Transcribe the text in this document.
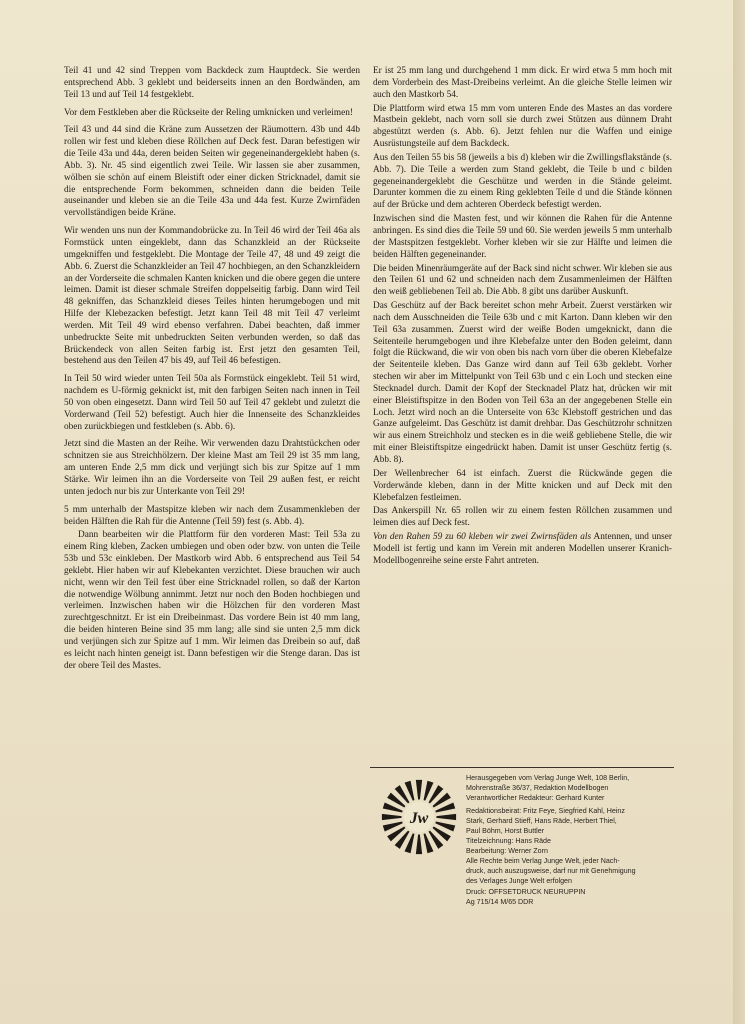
Teil 41 und 42 sind Treppen vom Backdeck zum Hauptdeck. Sie werden entsprechend Abb. 3 geklebt und beiderseits innen an den Bordwänden, am Teil 13 und auf Teil 14 festgeklebt.

Vor dem Festkleben aber die Rückseite der Reling umknicken und verleimen!

Teil 43 und 44 sind die Kräne zum Aussetzen der Räumottern. 43b und 44b rollen wir fest und kleben diese Röllchen auf Deck fest. Daran befestigen wir die Teile 43a und 44a, deren beiden Seiten wir gegeneinandergeklebt haben (s. Abb. 3). Nr. 45 sind eigentlich zwei Teile. Wir lassen sie aber zusammen, wölben sie schön auf einem Bleistift oder einer dicken Stricknadel, damit sie die entsprechende Form bekommen, schneiden dann die beiden Teile auseinander und kleben sie an die Teile 43a und 44a fest. Kurze Zwirnfäden vervollständigen beide Kräne.

Wir wenden uns nun der Kommandobrücke zu. In Teil 46 wird der Teil 46a als Formstück unten eingeklebt, dann das Schanzkleid an der Rückseite umgekniffen und festgeklebt. Die Montage der Teile 47, 48 und 49 zeigt die Abb. 6. Zuerst die Schanzkleider an Teil 47 hochbiegen, an den Schanzkleidern an der Vorderseite die schmalen Kanten knicken und die obere gegen die untere leimen. Damit ist dieser schmale Streifen doppelseitig farbig. Dann wird Teil 48 gekniffen, das Schanzkleid dieses Teiles hinten herumgebogen und mit Hilfe der Klebezacken befestigt. Jetzt kann Teil 48 mit Teil 47 verleimt werden. Mit Teil 49 wird ebenso verfahren. Dabei beachten, daß immer unbedruckte Seite mit unbedruckten Seiten verbunden werden, so daß das Brückendeck von allen Seiten farbig ist. Erst jetzt den gesamten Teil, bestehend aus den Teilen 47 bis 49, auf Teil 46 befestigen.

In Teil 50 wird wieder unten Teil 50a als Formstück eingeklebt. Teil 51 wird, nachdem es U-förmig geknickt ist, mit den farbigen Seiten nach innen in Teil 50 von oben eingesetzt. Dann wird Teil 50 auf Teil 47 geklebt und zuletzt die Vorderwand (Teil 52) befestigt. Auch hier die Innenseite des Schanzkleides oben zurückbiegen und festkleben (s. Abb. 6).

Jetzt sind die Masten an der Reihe. Wir verwenden dazu Drahtstückchen oder schnitzen sie aus Streichhölzern. Der kleine Mast am Teil 29 ist 35 mm lang, am unteren Ende 2,5 mm dick und verjüngt sich bis zur Spitze auf 1 mm Stärke. Wir leimen ihn an die Vorderseite von Teil 29 außen fest, er reicht unten jedoch nur bis zur Unterkante von Teil 29!

5 mm unterhalb der Mastspitze kleben wir nach dem Zusammenkleben der beiden Hälften die Rah für die Antenne (Teil 59) fest (s. Abb. 4).

Dann bearbeiten wir die Plattform für den vorderen Mast: Teil 53a zu einem Ring kleben, Zacken umbiegen und oben oder bzw. von unten die Teile 53b und 53c einkleben. Der Mastkorb wird Abb. 6 entsprechend aus Teil 54 geklebt. Hier haben wir auf Klebekanten verzichtet. Diese brauchen wir auch nicht, wenn wir den Teil fest über eine Stricknadel rollen, so daß der Karton die notwendige Wölbung annimmt. Jetzt nur noch den Boden hochbiegen und verleimen. Inzwischen haben wir die Hölzchen für den vorderen Mast zurechtgeschnitzt. Er ist ein Dreibeinmast. Das vordere Bein ist 40 mm lang, die beiden hinteren Beine sind 35 mm lang; alle sind sie unten 2,5 mm dick und verjüngen sich zur Spitze auf 1 mm. Wir leimen das Dreibein so auf, daß es leicht nach hinten geneigt ist. Dann befestigen wir die Stenge daran. Das ist der obere Teil des Mastes.

Er ist 25 mm lang und durchgehend 1 mm dick. Er wird etwa 5 mm hoch mit dem Vorderbein des Mast-Dreibeins verleimt. An die gleiche Stelle leimen wir auch den Mastkorb 54.

Die Plattform wird etwa 15 mm vom unteren Ende des Mastes an das vordere Mastbein geklebt, nach vorn soll sie durch zwei Stützen aus dünnem Draht abgestützt werden (s. Abb. 6). Jetzt fehlen nur die Waffen und einige Ausrüstungsteile auf dem Backdeck.

Aus den Teilen 55 bis 58 (jeweils a bis d) kleben wir die Zwillingsflakstände (s. Abb. 7). Die Teile a werden zum Stand geklebt, die Teile b und c bilden gegeneinandergeklebt die Geschütze und werden in die Stände geleimt. Darunter kommen die zu einem Ring geklebten Teile d und die Stände können auf der Brücke und dem achteren Oberdeck befestigt werden.

Inzwischen sind die Masten fest, und wir können die Rahen für die Antenne anbringen. Es sind dies die Teile 59 und 60. Sie werden jeweils 5 mm unterhalb der Mastspitzen festgeklebt. Vorher kleben wir sie zur Hälfte und leimen die beiden Hälften gegeneinander.

Die beiden Minenräumgeräte auf der Back sind nicht schwer. Wir kleben sie aus den Teilen 61 und 62 und schneiden nach dem Zusammenleimen der Hälften den weiß gebliebenen Teil ab. Die Abb. 8 gibt uns darüber Auskunft.

Das Geschütz auf der Back bereitet schon mehr Arbeit. Zuerst verstärken wir nach dem Ausschneiden die Teile 63b und c mit Karton. Dann kleben wir den Teil 63a zusammen. Zuerst wird der weiße Boden umgeknickt, dann die Seitenteile herumgebogen und ihre Klebefalze unter den Boden geleimt, dann folgt die Rückwand, die wir von oben bis nach vorn über die oberen Klebefalze der Seitenteile kleben. Das Ganze wird dann auf Teil 63b geklebt. Vorher stechen wir aber im Mittelpunkt von Teil 63b und c ein Loch und stecken eine Stecknadel durch. Damit der Kopf der Stecknadel Platz hat, drücken wir mit einer Bleistiftspitze in den Boden von Teil 63a an der angegebenen Stelle ein Loch. Jetzt wird noch an die Unterseite von 63c Klebstoff gestrichen und das Ganze aufgeleimt. Das Geschütz ist damit drehbar. Das Geschützrohr schnitzen wir aus einem Streichholz und stecken es in die weiß gebliebene Stelle, die wir mit einer Bleistiftspitze eingedrückt haben. Damit ist unser Geschütz fertig (s. Abb. 8).

Der Wellenbrecher 64 ist einfach. Zuerst die Rückwände gegen die Vorderwände kleben, dann in der Mitte knicken und auf Deck mit den Klebefalzen festleimen.

Das Ankerspill Nr. 65 rollen wir zu einem festen Röllchen zusammen und leimen dies auf Deck fest.

Von den Rahen 59 zu 60 kleben wir zwei Zwirnsfäden als Antennen, und unser Modell ist fertig und kann im Verein mit anderen Modellen unserer Kranich-Modellbogenreihe seine erste Fahrt antreten.

Jw
Herausgegeben vom Verlag Junge Welt, 108 Berlin,
Mohrenstraße 36/37, Redaktion Modellbogen
Verantwortlicher Redakteur: Gerhard Kunter
Redaktionsbeirat: Fritz Feye, Siegfried Kahl, Heinz
Stark, Gerhard Stieff, Hans Räde, Herbert Thiel,
Paul Böhm, Horst Buttler
Titelzeichnung: Hans Räde
Bearbeitung: Werner Zorn
Alle Rechte beim Verlag Junge Welt, jeder Nach-
druck, auch auszugsweise, darf nur mit Genehmigung
des Verlages Junge Welt erfolgen
Druck: OFFSETDRUCK NEURUPPIN
Ag 715/14 M/65 DDR
